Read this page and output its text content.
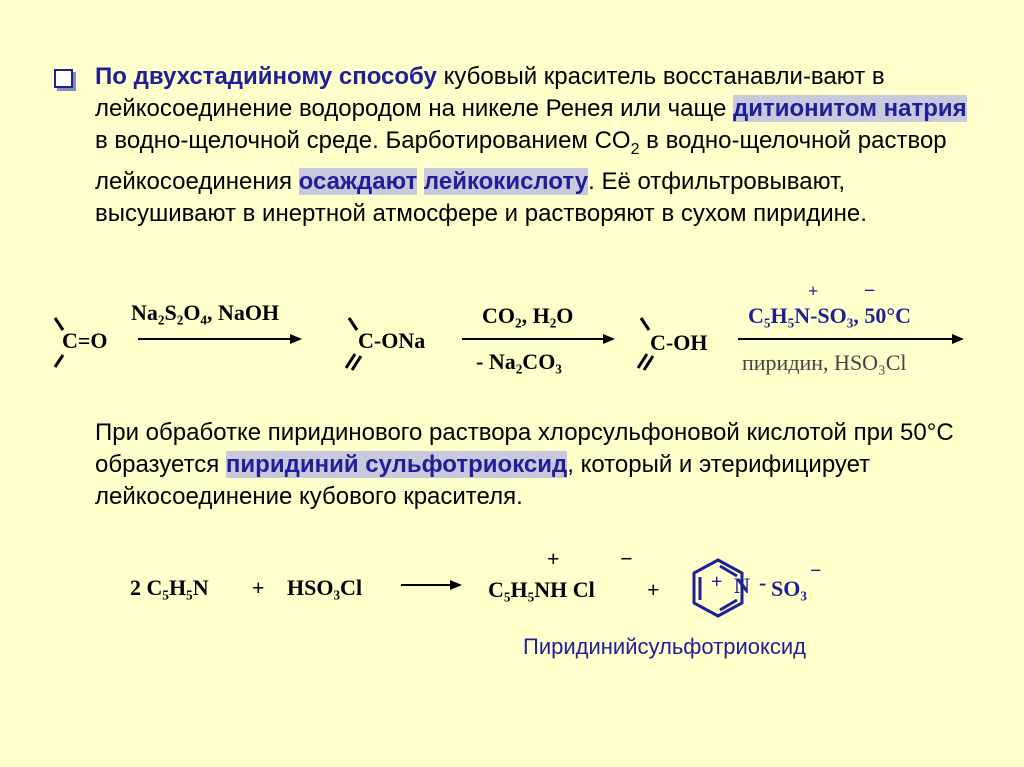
По двухстадийному способу кубовый краситель восстанавли-вают в лейкосоединение водородом на никеле Ренея или чаще дитионитом натрия в водно-щелочной среде. Барботированием $CO_2$ в водно-щелочной раствор лейкосоединения осаждают лейкокислоту. Её отфильтровывают, высушивают в инертной атмосфере и растворяют в сухом пиридине.
C=O
Na₂S₂O₄, NaOH
C-ONa
CO₂, H₂O
- Na₂CO₃
C-OH
+ −
C₅H₅N-SO₃, 50°C
пиридин, HSO₃Cl
При обработке пиридинового раствора хлорсульфоновой кислотой при 50°С образуется пиридиний сульфотриоксид, который и этерифицирует лейкосоединение кубового красителя.
2 C₅H₅N + HSO₃Cl
+	−
C₅H₅NH Cl +	+ N - SO₃
−
Пиридинийсульфотриоксид
